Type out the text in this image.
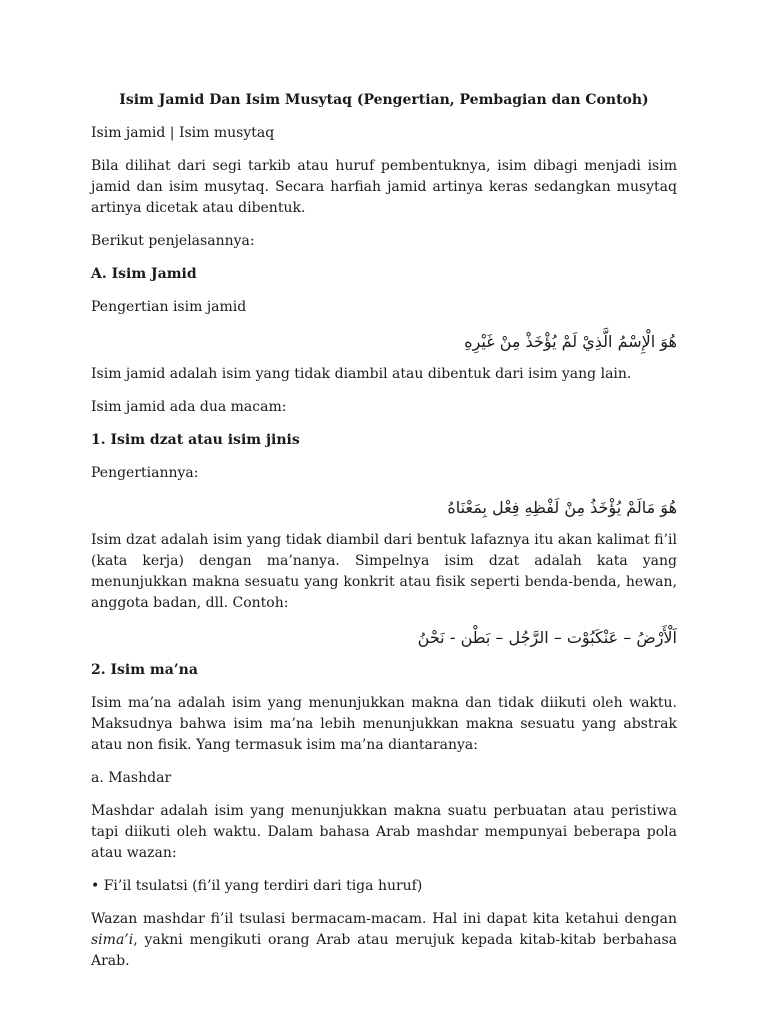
Isim Jamid Dan Isim Musytaq (Pengertian, Pembagian dan Contoh)

Isim jamid | Isim musytaq

Bila dilihat dari segi tarkib atau huruf pembentuknya, isim dibagi menjadi isim jamid dan isim musytaq. Secara harfiah jamid artinya keras sedangkan musytaq artinya dicetak atau dibentuk.

Berikut penjelasannya:

A. Isim Jamid

Pengertian isim jamid

هُوَ الْإِسْمُ الَّذِيْ لَمْ يُؤْخَذْ مِنْ غَيْرِهِ

Isim jamid adalah isim yang tidak diambil atau dibentuk dari isim yang lain.

Isim jamid ada dua macam:

1. Isim dzat atau isim jinis

Pengertiannya:

هُوَ مَالَمْ يُؤْخَذُ مِنْ لَفْظِهِ فِعْل بِمَعْنَاهُ

Isim dzat adalah isim yang tidak diambil dari bentuk lafaznya itu akan kalimat fi’il (kata kerja) dengan ma’nanya. Simpelnya isim dzat adalah kata yang menunjukkan makna sesuatu yang konkrit atau fisik seperti benda-benda, hewan, anggota badan, dll. Contoh:

اَلْأَرْضُ – عَنْكَبُوْت – الرَّجُل – بَطْن - نَحْنُ

2. Isim ma’na

Isim ma’na adalah isim yang menunjukkan makna dan tidak diikuti oleh waktu. Maksudnya bahwa isim ma’na lebih menunjukkan makna sesuatu yang abstrak atau non fisik. Yang termasuk isim ma’na diantaranya:

a. Mashdar

Mashdar adalah isim yang menunjukkan makna suatu perbuatan atau peristiwa tapi diikuti oleh waktu. Dalam bahasa Arab mashdar mempunyai beberapa pola atau wazan:

• Fi’il tsulatsi (fi’il yang terdiri dari tiga huruf)

Wazan mashdar fi’il tsulasi bermacam-macam. Hal ini dapat kita ketahui dengan sima’i, yakni mengikuti orang Arab atau merujuk kepada kitab-kitab berbahasa Arab.
